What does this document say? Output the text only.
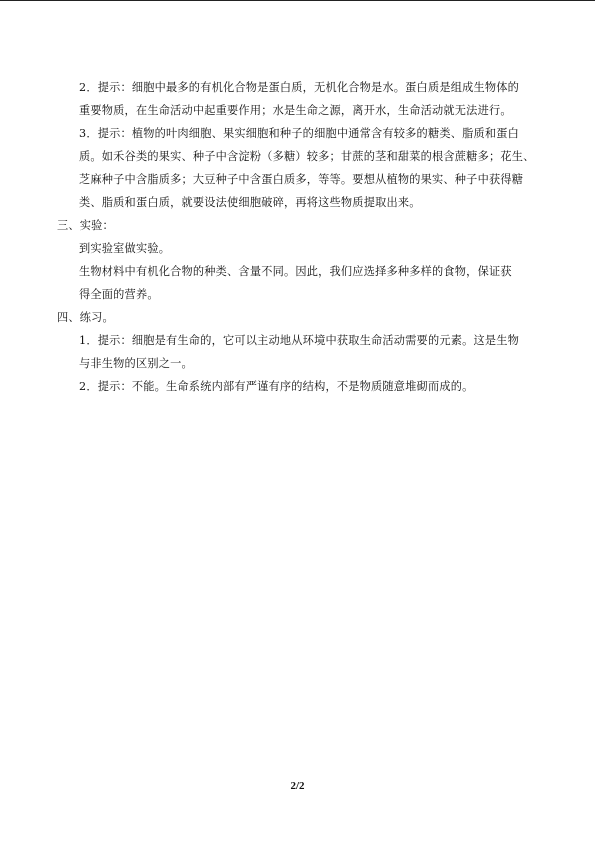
2．提示：细胞中最多的有机化合物是蛋白质，无机化合物是水。蛋白质是组成生物体的
重要物质，在生命活动中起重要作用；水是生命之源，离开水，生命活动就无法进行。

3．提示：植物的叶肉细胞、果实细胞和种子的细胞中通常含有较多的糖类、脂质和蛋白
质。如禾谷类的果实、种子中含淀粉（多糖）较多；甘蔗的茎和甜菜的根含蔗糖多；花生、
芝麻种子中含脂质多；大豆种子中含蛋白质多，等等。要想从植物的果实、种子中获得糖
类、脂质和蛋白质，就要设法使细胞破碎，再将这些物质提取出来。

三、实验：

到实验室做实验。

生物材料中有机化合物的种类、含量不同。因此，我们应选择多种多样的食物，保证获
得全面的营养。

四、练习。

1．提示：细胞是有生命的，它可以主动地从环境中获取生命活动需要的元素。这是生物
与非生物的区别之一。

2．提示：不能。生命系统内部有严谨有序的结构，不是物质随意堆砌而成的。

2/2
